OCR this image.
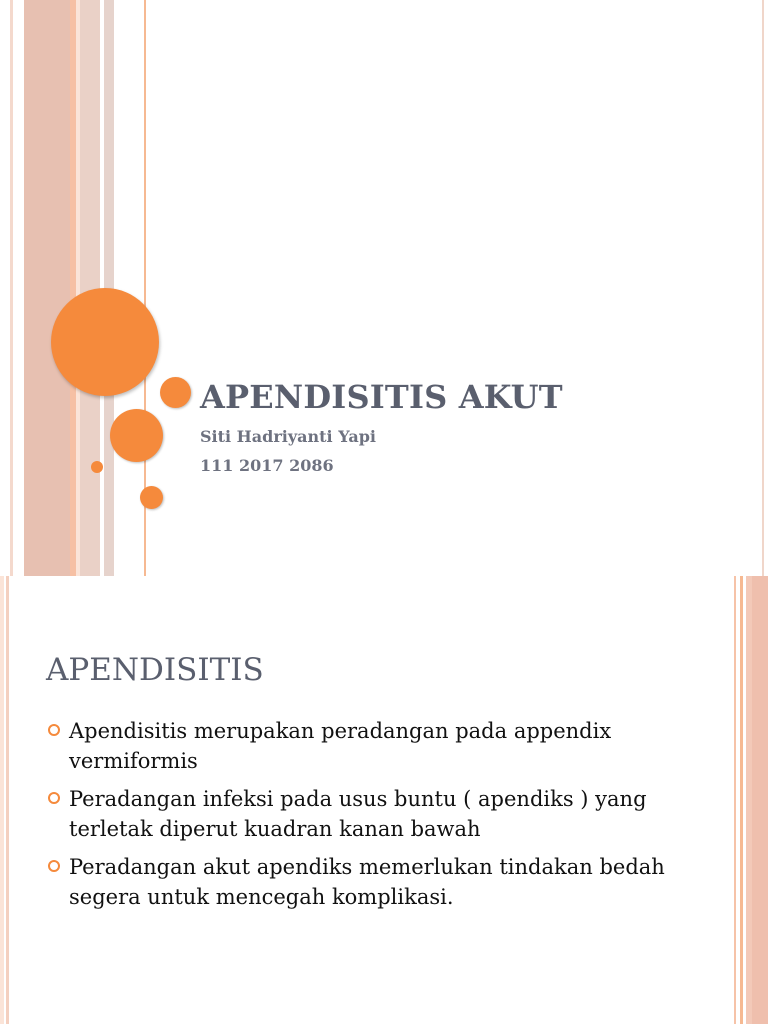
APENDISITIS AKUT
Siti Hadriyanti Yapi
111 2017 2086
APENDISITIS
Apendisitis merupakan peradangan pada appendix vermiformis
Peradangan infeksi pada usus buntu ( apendiks ) yang terletak diperut kuadran kanan bawah
Peradangan akut apendiks memerlukan tindakan bedah segera untuk mencegah komplikasi.
